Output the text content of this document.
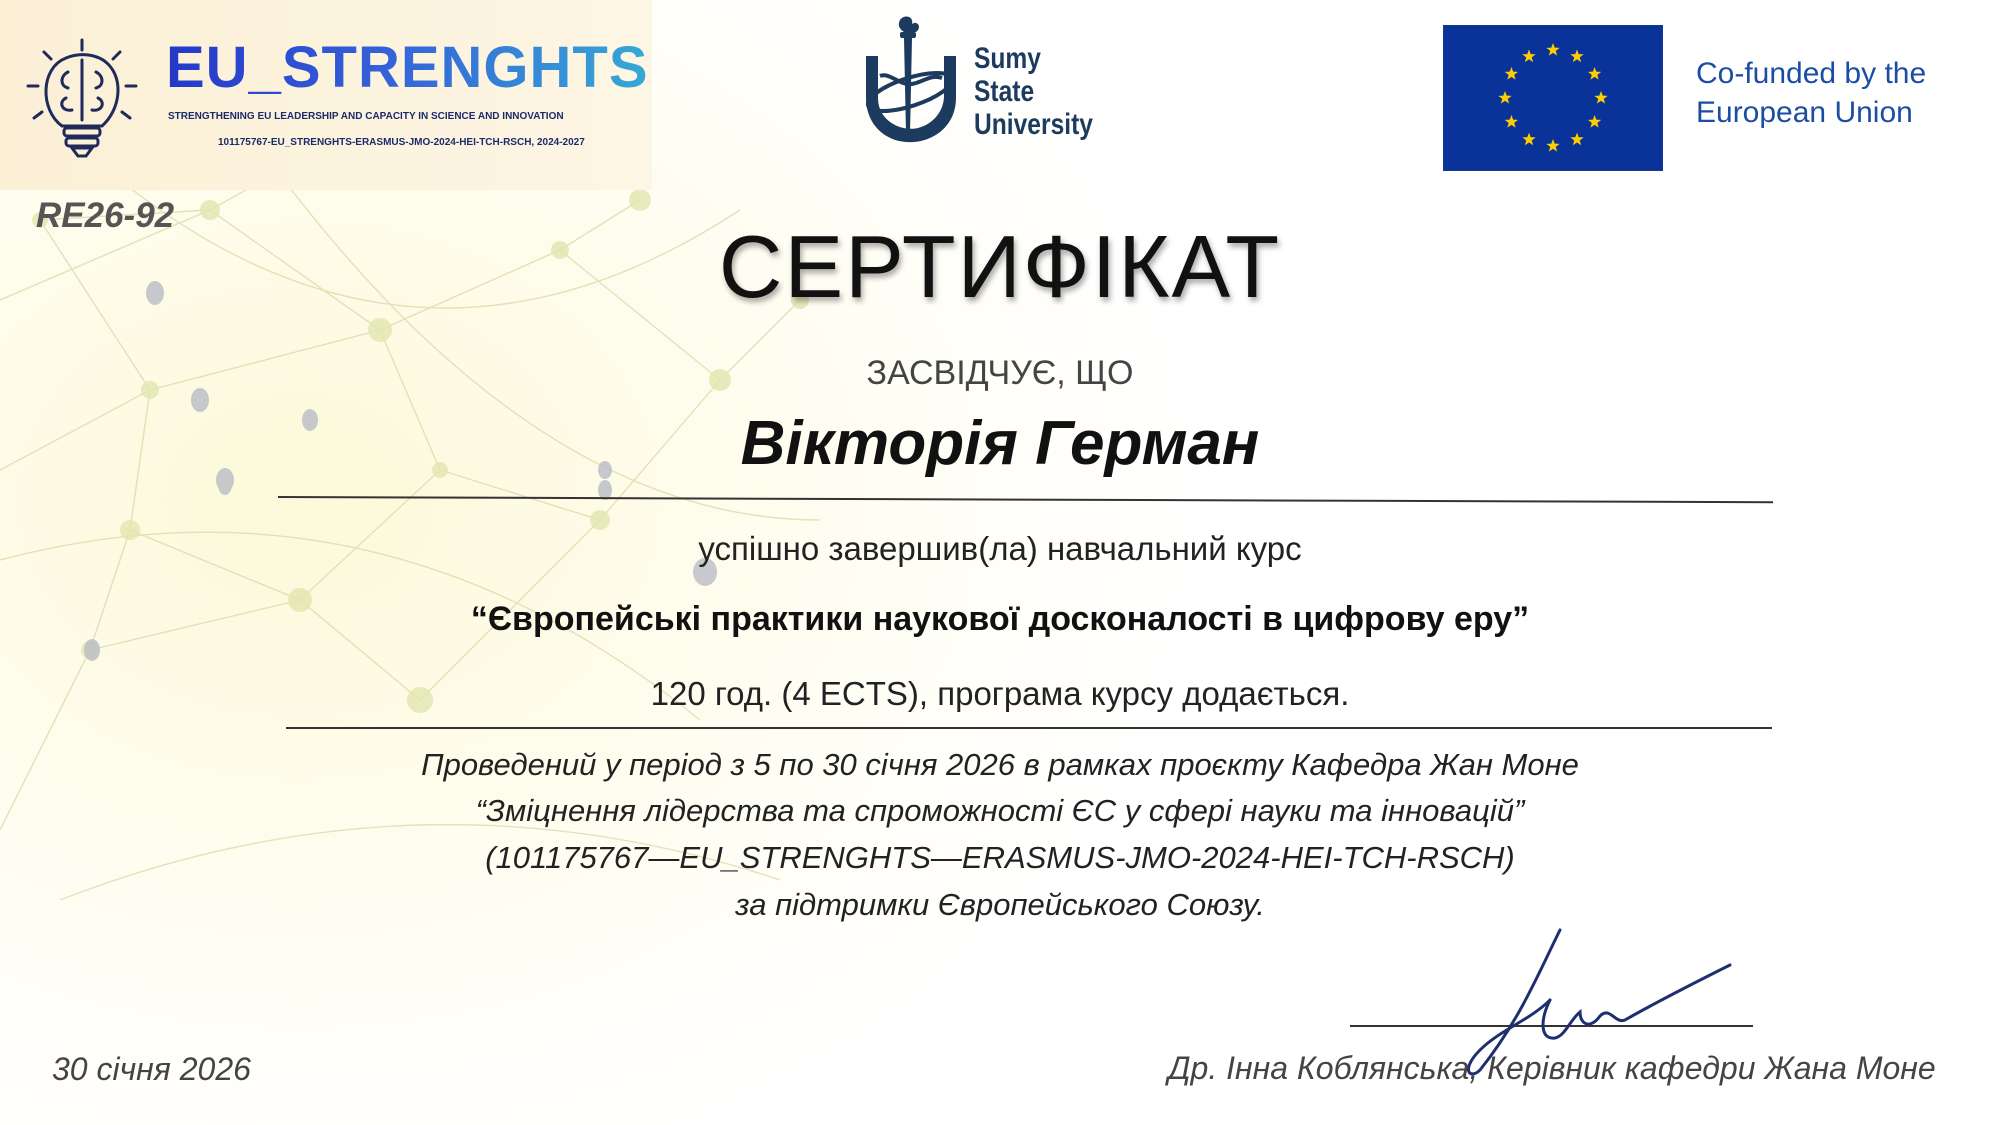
EU_STRENGHTS
STRENGTHENING EU LEADERSHIP AND CAPACITY IN SCIENCE AND INNOVATION
101175767-EU_STRENGHTS-ERASMUS-JMO-2024-HEI-TCH-RSCH, 2024-2027
Sumy
State
University
Co-funded by the
European Union
RE26-92
СЕРТИФІКАТ
ЗАСВІДЧУЄ, ЩО
Вікторія Герман
успішно завершив(ла) навчальний курс
“Європейські практики наукової досконалості в цифрову еру”
120 год. (4 ECTS), програма курсу додається.
Проведений у період з 5 по 30 січня 2026 в рамках проєкту Кафедра Жан Моне
“Зміцнення лідерства та спроможності ЄС у сфері науки та інновацій”
(101175767—EU_STRENGHTS—ERASMUS-JMO-2024-HEI-TCH-RSCH)
за підтримки Європейського Союзу.
30 січня 2026	Др. Інна Коблянська, Керівник кафедри Жана Моне
